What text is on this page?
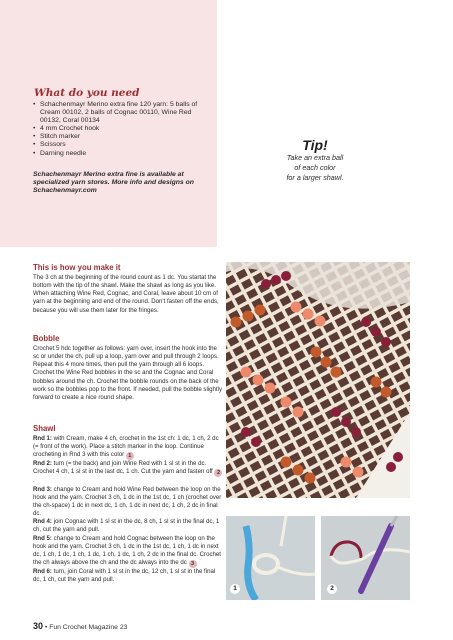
What do you need
• Schachenmayr Merino extra fine 120 yarn: 5 balls of Cream 00102, 2 balls of Cognac 00110, Wine Red 00132, Coral 00134
• 4 mm Crochet hook
• Stitch marker
• Scissors
• Darning needle
Schachenmayr Merino extra fine is available at specialized yarn stores. More info and designs on Schachenmayr.com
Tip!
Take an extra ball
of each color
for a larger shawl.
This is how you make it

The 3 ch at the beginning of the round count as 1 dc. You startat the bottom with the tip of the shawl. Make the shawl as long as you like. When attaching Wine Red, Cognac, and Coral, leave about 10 cm of yarn at the beginning and end of the round. Don't fasten off the ends, because you will use them later for the fringes.

Bobble

Crochet 5 hdc together as follows: yarn over, insert the hook into the sc or under the ch, pull up a loop, yarn over and pull through 2 loops. Repeat this 4 more times, then pull the yarn through all 6 loops. Crochet the Wine Red bobbles in the sc and the Cognac and Coral bobbles around the ch. Crochet the bobble rounds on the back of the work so the bobbles pop to the front. If needed, pull the bobble slightly forward to create a nice round shape.

Shawl

Rnd 1: with Cream, make 4 ch, crochet in the 1st ch: 1 dc, 1 ch, 2 dc (= front of the work). Place a stitch marker in the loop. Continue crocheting in Rnd 3 with this color 1
Rnd 2: turn (= the back) and join Wine Red with 1 sl st in the dc. Crochet 4 ch, 1 sl st in the last dc, 1 ch. Cut the yarn and fasten off 2.
Rnd 3: change to Cream and hold Wine Red between the loop on the hook and the yarn. Crochet 3 ch, 1 dc in the 1st dc, 1 ch (crochet over the ch-space) 1 dc in next dc, 1 ch, 1 dc in next dc, 1 ch, 2 dc in final dc.
Rnd 4: join Cognac with 1 sl st in the dc, 8 ch, 1 sl st in the final dc, 1 ch, cut the yarn and pull.
Rnd 5: change to Cream and hold Cognac between the loop on the hook and the yarn. Crochet 3 ch, 1 dc in the 1st dc, 1 ch, 1 dc in next dc, 1 ch, 1 dc, 1 ch, 1 dc, 1 ch, 1 dc, 1 ch, 2 dc in the final dc. Crochet the ch always above the ch and the dc always into the dc 3
Rnd 6: turn, join Coral with 1 sl st in the dc, 12 ch, 1 sl st in the final dc, 1 ch, cut the yarn and pull.

1	2
30 • Fun Crochet Magazine 23
